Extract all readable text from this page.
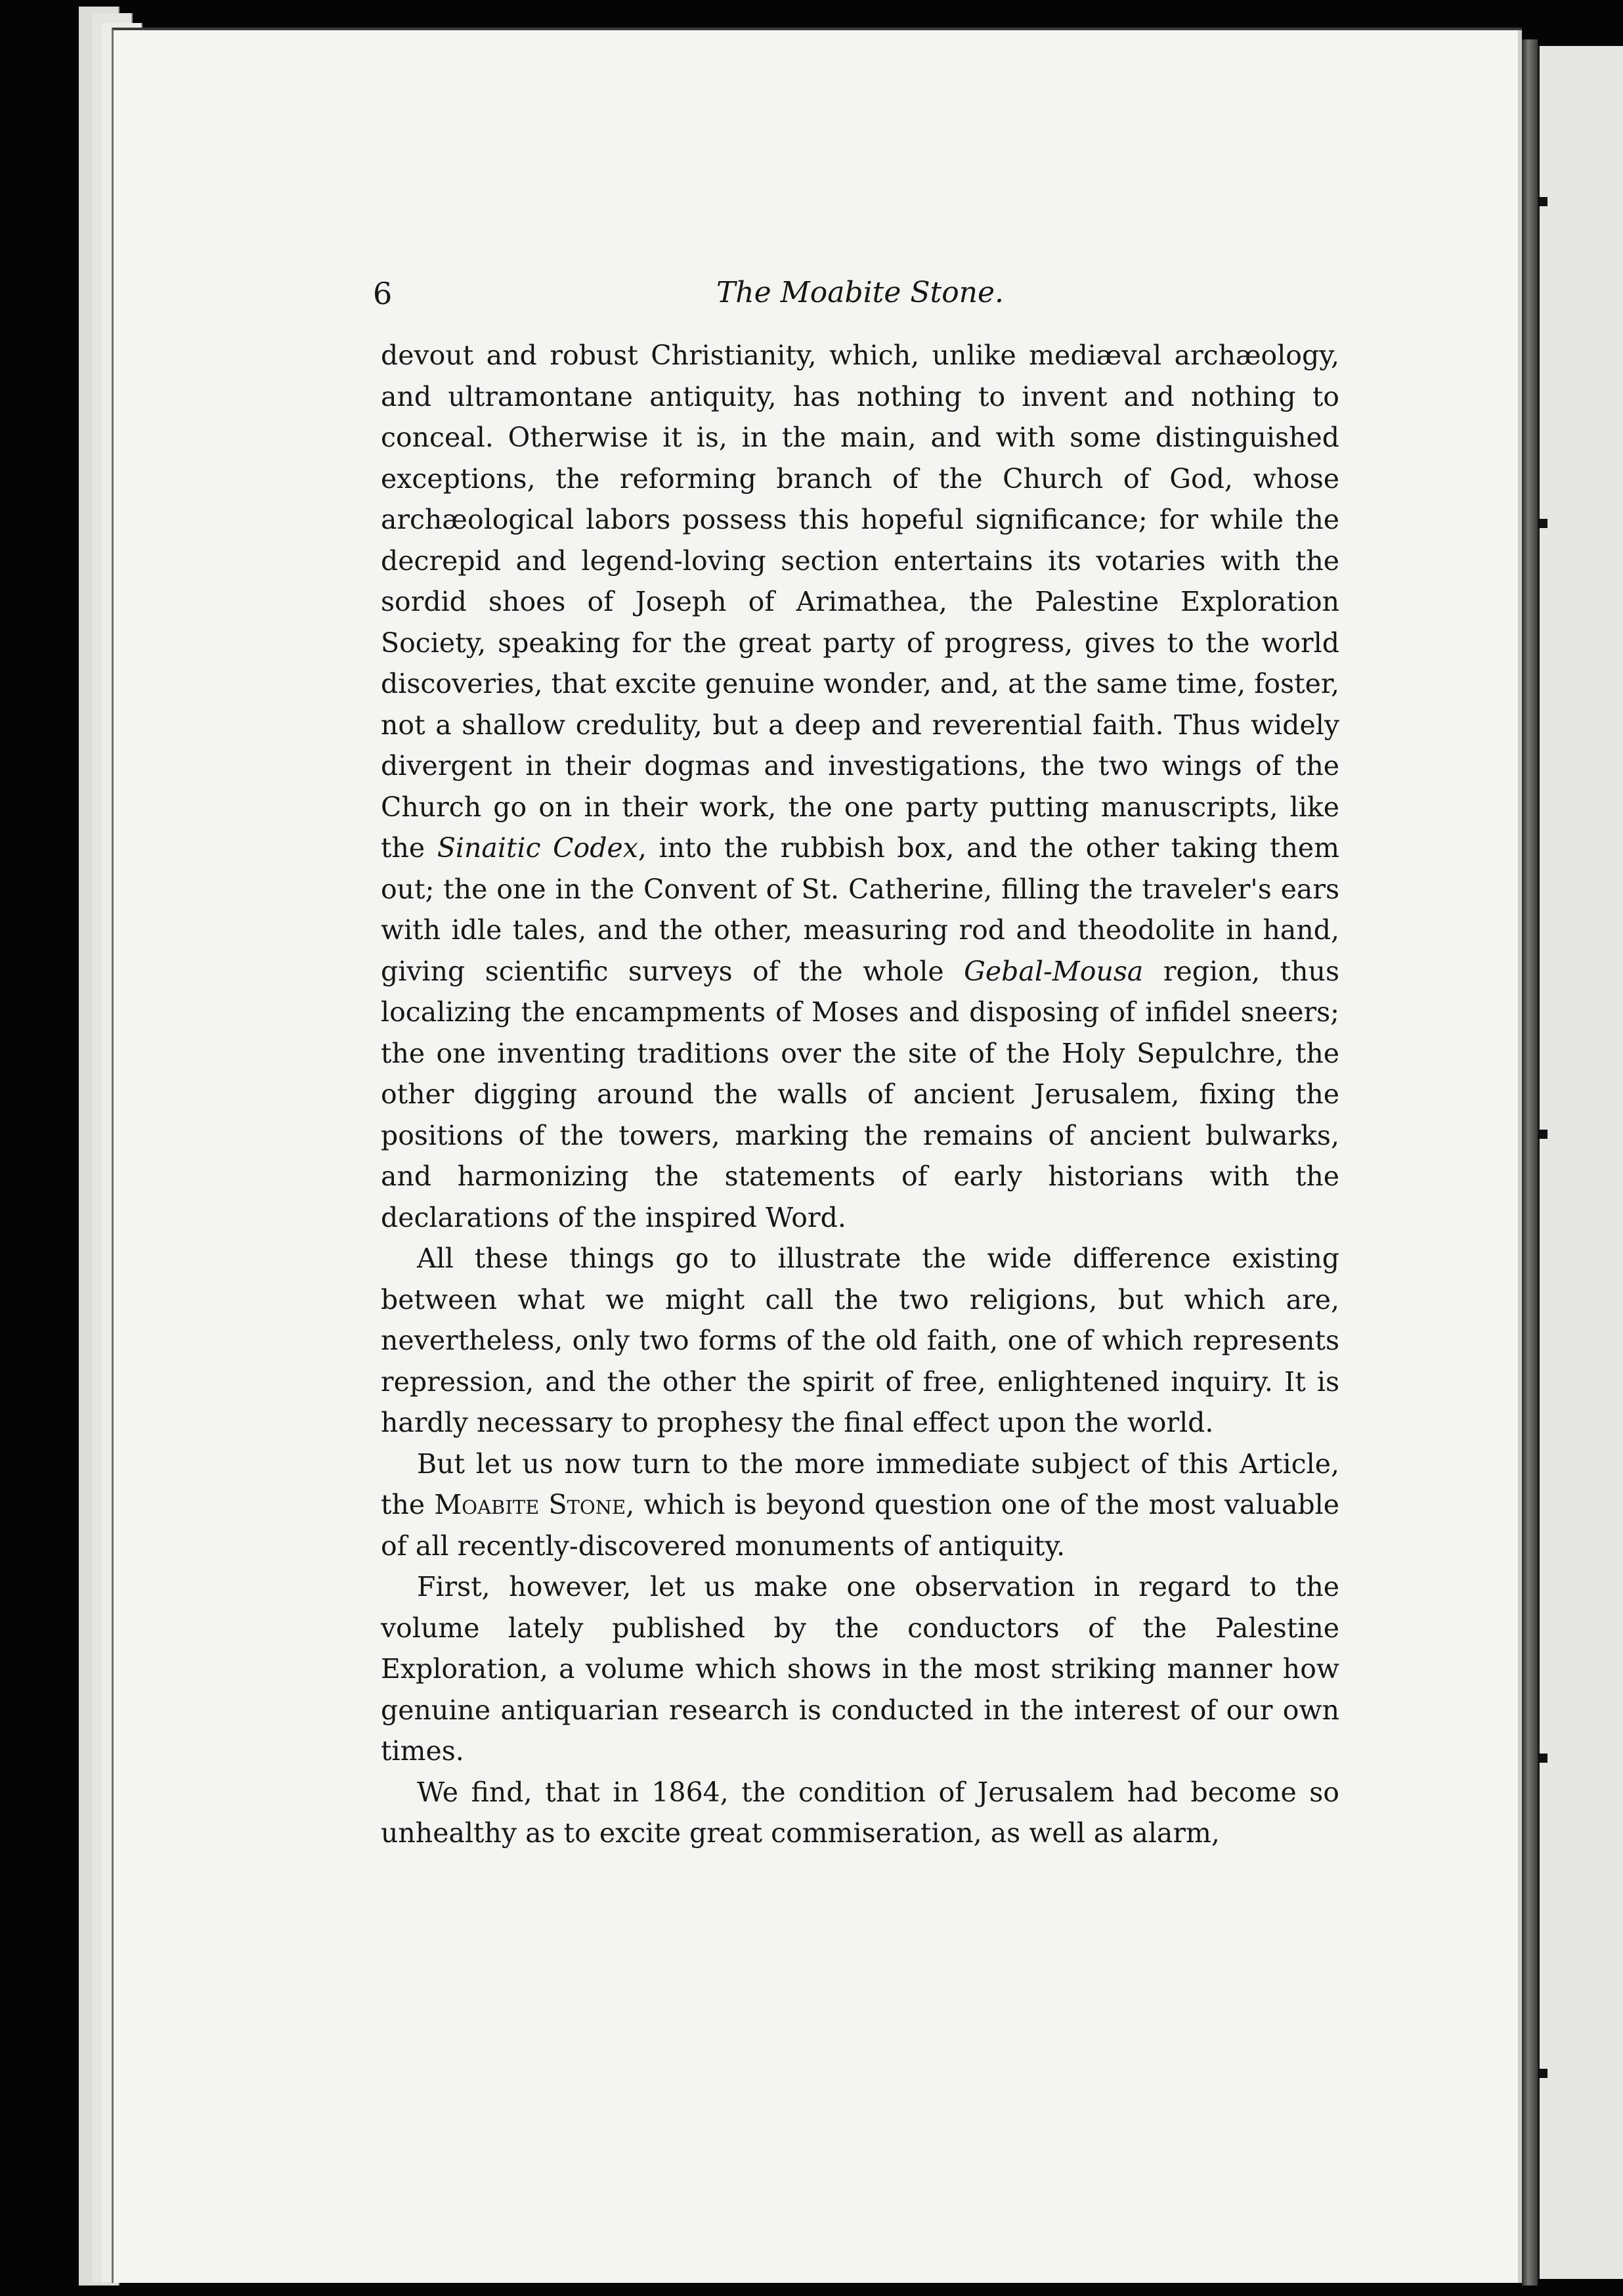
6	The Moabite Stone.

devout and robust Christianity, which, unlike mediæval archæology, and ultramontane antiquity, has nothing to invent and nothing to conceal. Otherwise it is, in the main, and with some distinguished exceptions, the reforming branch of the Church of God, whose archæological labors possess this hopeful significance; for while the decrepid and legend-loving section entertains its votaries with the sordid shoes of Joseph of Arimathea, the Palestine Exploration Society, speaking for the great party of progress, gives to the world discoveries, that excite genuine wonder, and, at the same time, foster, not a shallow credulity, but a deep and reverential faith. Thus widely divergent in their dogmas and investigations, the two wings of the Church go on in their work, the one party putting manuscripts, like the Sinaitic Codex, into the rubbish box, and the other taking them out; the one in the Convent of St. Catherine, filling the traveler's ears with idle tales, and the other, measuring rod and theodolite in hand, giving scientific surveys of the whole Gebal-Mousa region, thus localizing the encampments of Moses and disposing of infidel sneers; the one inventing traditions over the site of the Holy Sepulchre, the other digging around the walls of ancient Jerusalem, fixing the positions of the towers, marking the remains of ancient bulwarks, and harmonizing the statements of early historians with the declarations of the inspired Word.

All these things go to illustrate the wide difference existing between what we might call the two religions, but which are, nevertheless, only two forms of the old faith, one of which represents repression, and the other the spirit of free, enlightened inquiry. It is hardly necessary to prophesy the final effect upon the world.

But let us now turn to the more immediate subject of this Article, the Moabite Stone, which is beyond question one of the most valuable of all recently-discovered monuments of antiquity.

First, however, let us make one observation in regard to the volume lately published by the conductors of the Palestine Exploration, a volume which shows in the most striking manner how genuine antiquarian research is conducted in the interest of our own times.

We find, that in 1864, the condition of Jerusalem had become so unhealthy as to excite great commiseration, as well as alarm,
